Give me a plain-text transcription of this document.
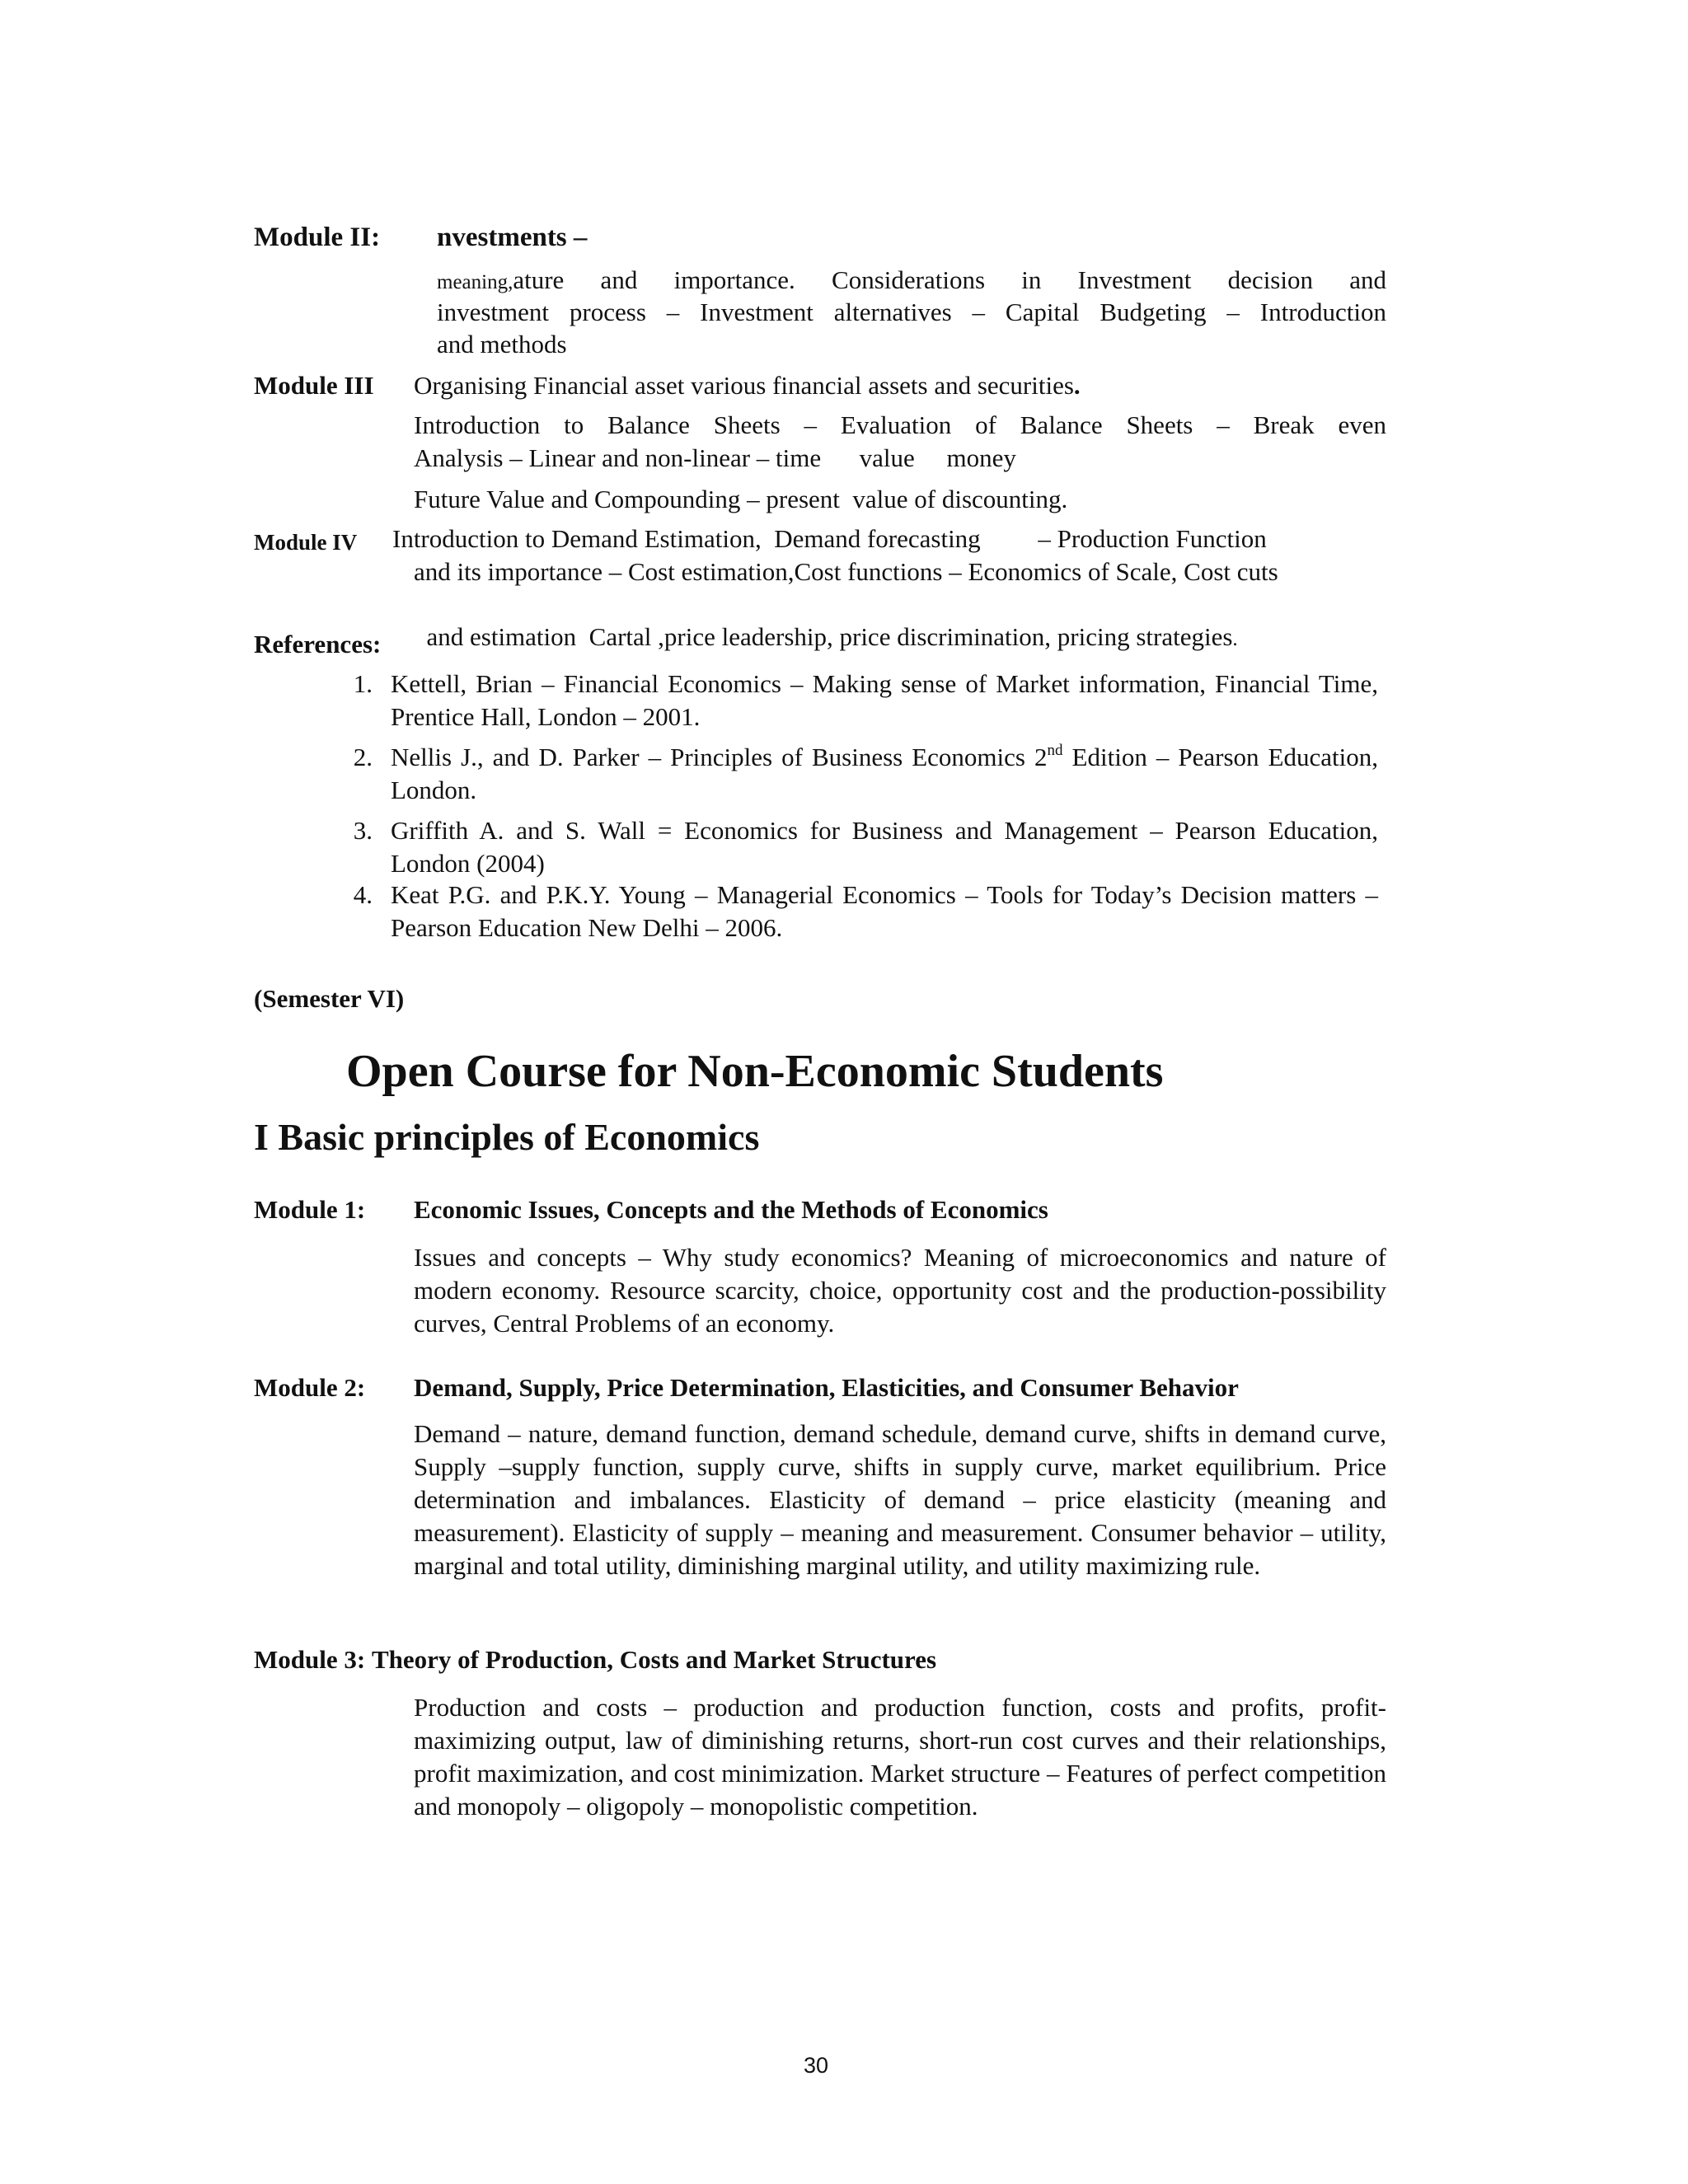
Module II: nvestments –
meaning, ature  and  importance.  Considerations  in  Investment  decision  and
investment  process  –  Investment  alternatives  –  Capital  Budgeting  –  Introduction
and methods
Module III Organising Financial asset various financial assets and securities.
Introduction  to  Balance  Sheets  –  Evaluation  of  Balance  Sheets  –  Break  even
Analysis – Linear and non-linear – time      value     money
Future Value and Compounding – present  value of discounting.
Module IV Introduction to Demand Estimation,  Demand forecasting         – Production Function
and its importance – Cost estimation,Cost functions – Economics of Scale, Cost cuts

and estimation  Cartal ,price leadership, price discrimination, pricing strategies.

References:
1. Kettell, Brian – Financial Economics – Making sense of Market information, Financial Time, Prentice Hall, London – 2001.
2. Nellis J., and D. Parker – Principles of Business Economics 2nd Edition – Pearson Education, London.
3. Griffith A. and S. Wall = Economics for Business and Management – Pearson Education, London (2004)
4. Keat P.G. and P.K.Y. Young – Managerial Economics – Tools for Today’s Decision matters – Pearson Education New Delhi – 2006.
(Semester VI)
Open Course for Non-Economic Students
I Basic principles of Economics
Module 1: Economic Issues, Concepts and the Methods of Economics
Issues and concepts – Why study economics? Meaning of microeconomics and nature of modern economy. Resource scarcity, choice, opportunity cost and the production-possibility curves, Central Problems of an economy.
Module 2: Demand, Supply, Price Determination, Elasticities, and Consumer Behavior
Demand – nature, demand function, demand schedule, demand curve, shifts in demand curve, Supply –supply function, supply curve, shifts in supply curve, market equilibrium. Price determination and imbalances. Elasticity of demand – price elasticity (meaning and measurement). Elasticity of supply – meaning and measurement. Consumer behavior – utility, marginal and total utility, diminishing marginal utility, and utility maximizing rule.
Module 3: Theory of Production, Costs and Market Structures
Production and costs – production and production function, costs and profits, profit-maximizing output, law of diminishing returns, short-run cost curves and their relationships, profit maximization, and cost minimization. Market structure – Features of perfect competition and monopoly – oligopoly – monopolistic competition.
30
